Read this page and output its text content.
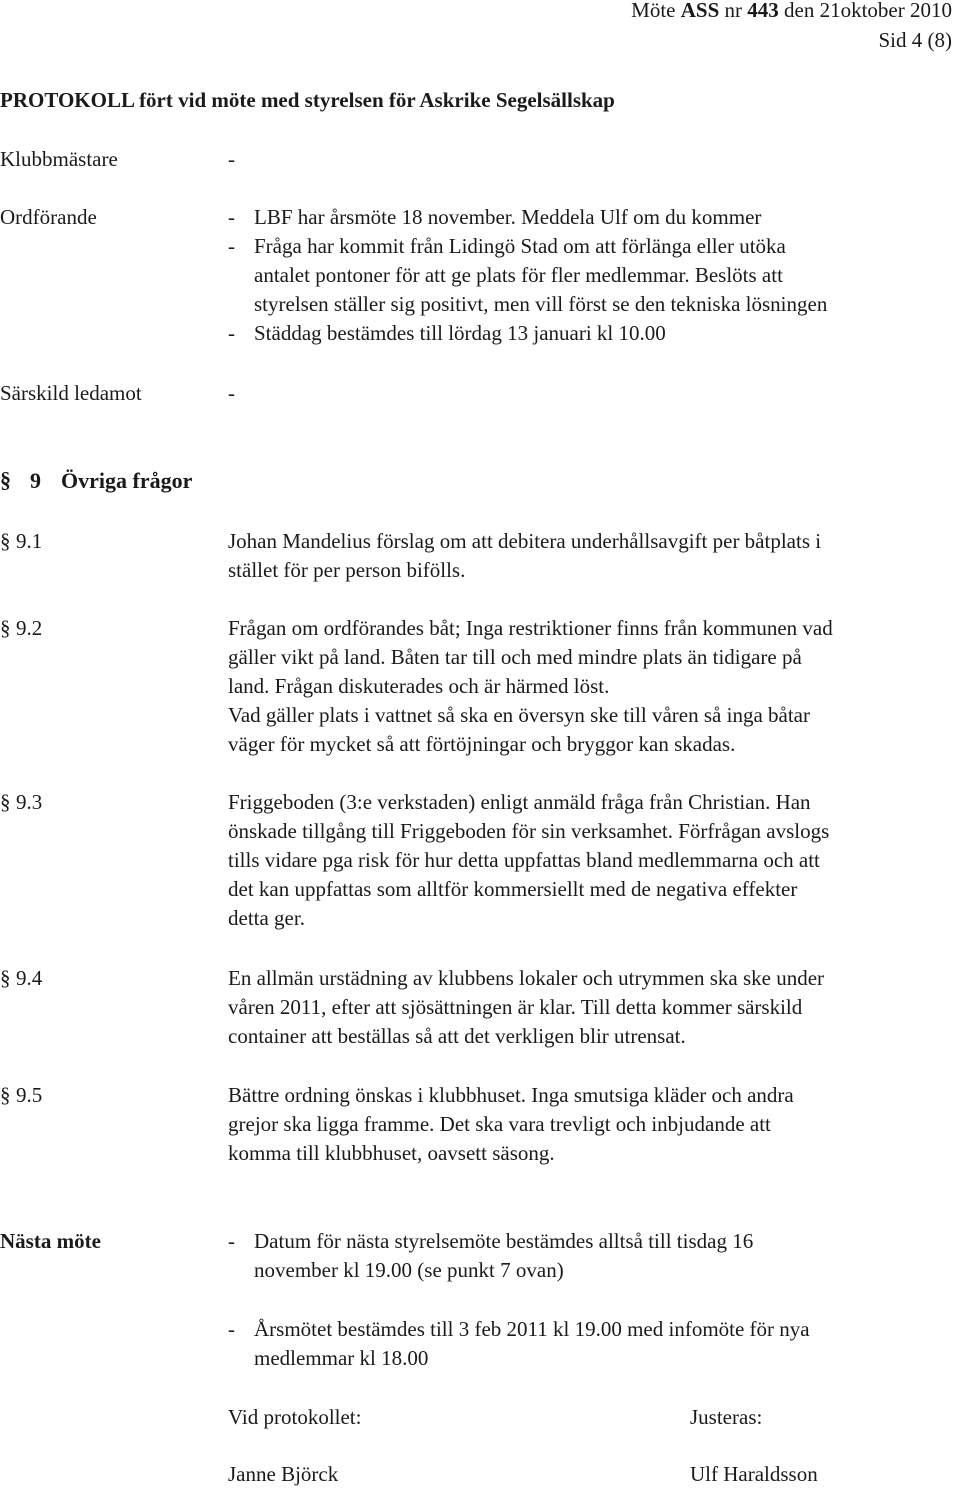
Möte ASS nr 443 den 21oktober 2010
Sid 4 (8)
PROTOKOLL fört vid möte med styrelsen för Askrike Segelsällskap
Klubbmästare	-
Ordförande	- LBF har årsmöte 18 november. Meddela Ulf om du kommer
- Fråga har kommit från Lidingö Stad om att förlänga eller utöka
antalet pontoner för att ge plats för fler medlemmar. Beslöts att
styrelsen ställer sig positivt, men vill först se den tekniska lösningen
- Städdag bestämdes till lördag 13 januari kl 10.00
Särskild ledamot	-
§ 9 Övriga frågor
§ 9.1	Johan Mandelius förslag om att debitera underhållsavgift per båtplats i
stället för per person bifölls.
§ 9.2	Frågan om ordförandes båt; Inga restriktioner finns från kommunen vad
gäller vikt på land. Båten tar till och med mindre plats än tidigare på
land. Frågan diskuterades och är härmed löst.
Vad gäller plats i vattnet så ska en översyn ske till våren så inga båtar
väger för mycket så att förtöjningar och bryggor kan skadas.
§ 9.3	Friggeboden (3:e verkstaden) enligt anmäld fråga från Christian. Han
önskade tillgång till Friggeboden för sin verksamhet. Förfrågan avslogs
tills vidare pga risk för hur detta uppfattas bland medlemmarna och att
det kan uppfattas som alltför kommersiellt med de negativa effekter
detta ger.
§ 9.4	En allmän urstädning av klubbens lokaler och utrymmen ska ske under
våren 2011, efter att sjösättningen är klar. Till detta kommer särskild
container att beställas så att det verkligen blir utrensat.
§ 9.5	Bättre ordning önskas i klubbhuset. Inga smutsiga kläder och andra
grejor ska ligga framme. Det ska vara trevligt och inbjudande att
komma till klubbhuset, oavsett säsong.
Nästa möte	- Datum för nästa styrelsemöte bestämdes alltså till tisdag 16
november kl 19.00 (se punkt 7 ovan)
- Årsmötet bestämdes till 3 feb 2011 kl 19.00 med infomöte för nya
medlemmar kl 18.00
Vid protokollet:	Justeras:
Janne Björck	Ulf Haraldsson
